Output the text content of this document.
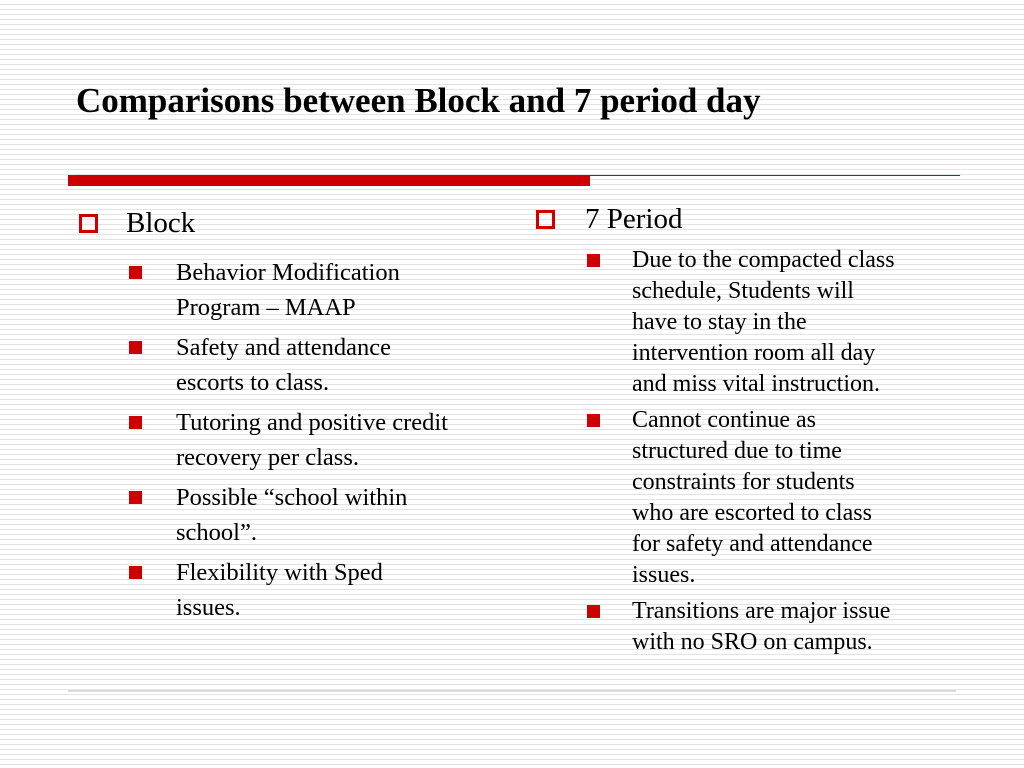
Comparisons between Block and 7 period day
Block
Behavior Modification
Program – MAAP
Safety and attendance
escorts to class.
Tutoring and positive credit
recovery per class.
Possible “school within
school”.
Flexibility with Sped
issues.
7 Period
Due to the compacted class
schedule, Students will
have to stay in the
intervention room all day
and miss vital instruction.
Cannot continue as
structured due to time
constraints for students
who are escorted to class
for safety and attendance
issues.
Transitions are major issue
with no SRO on campus.
